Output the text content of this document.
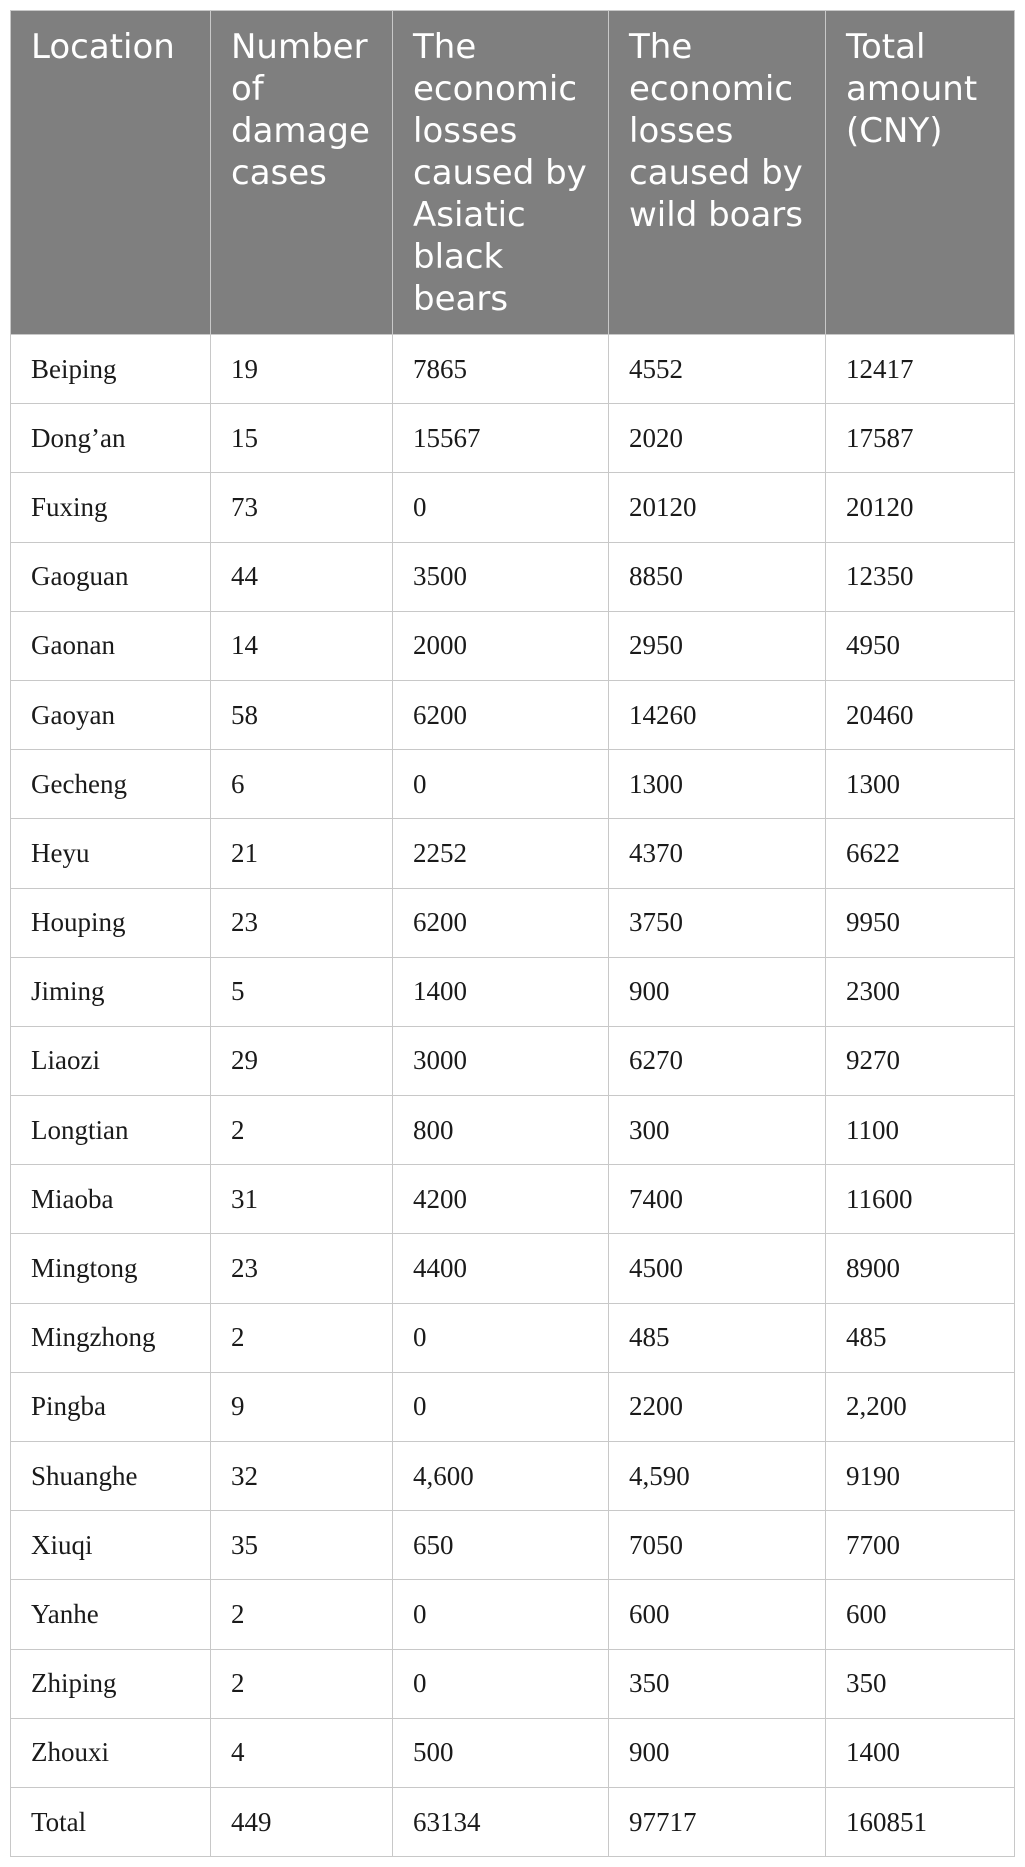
Location	Number of damage cases	The economic losses caused by Asiatic black bears	The economic losses caused by wild boars	Total amount (CNY)
Beiping	19	7865	4552	12417
Dong’an	15	15567	2020	17587
Fuxing	73	0	20120	20120
Gaoguan	44	3500	8850	12350
Gaonan	14	2000	2950	4950
Gaoyan	58	6200	14260	20460
Gecheng	6	0	1300	1300
Heyu	21	2252	4370	6622
Houping	23	6200	3750	9950
Jiming	5	1400	900	2300
Liaozi	29	3000	6270	9270
Longtian	2	800	300	1100
Miaoba	31	4200	7400	11600
Mingtong	23	4400	4500	8900
Mingzhong	2	0	485	485
Pingba	9	0	2200	2,200
Shuanghe	32	4,600	4,590	9190
Xiuqi	35	650	7050	7700
Yanhe	2	0	600	600
Zhiping	2	0	350	350
Zhouxi	4	500	900	1400
Total	449	63134	97717	160851
